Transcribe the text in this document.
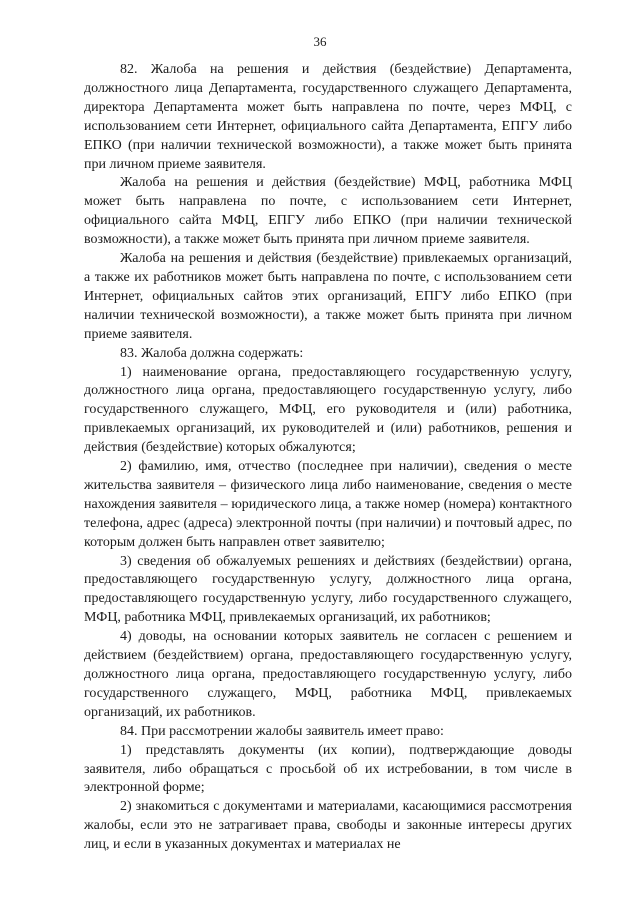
36

82. Жалоба на решения и действия (бездействие) Департамента, должностного лица Департамента, государственного служащего Департамента, директора Департамента может быть направлена по почте, через МФЦ, с использованием сети Интернет, официального сайта Департамента, ЕПГУ либо ЕПКО (при наличии технической возможности), а также может быть принята при личном приеме заявителя.

Жалоба на решения и действия (бездействие) МФЦ, работника МФЦ может быть направлена по почте, с использованием сети Интернет, официального сайта МФЦ, ЕПГУ либо ЕПКО (при наличии технической возможности), а также может быть принята при личном приеме заявителя.

Жалоба на решения и действия (бездействие) привлекаемых организаций, а также их работников может быть направлена по почте, с использованием сети Интернет, официальных сайтов этих организаций, ЕПГУ либо ЕПКО (при наличии технической возможности), а также может быть принята при личном приеме заявителя.

83. Жалоба должна содержать:

1) наименование органа, предоставляющего государственную услугу, должностного лица органа, предоставляющего государственную услугу, либо государственного служащего, МФЦ, его руководителя и (или) работника, привлекаемых организаций, их руководителей и (или) работников, решения и действия (бездействие) которых обжалуются;

2) фамилию, имя, отчество (последнее при наличии), сведения о месте жительства заявителя – физического лица либо наименование, сведения о месте нахождения заявителя – юридического лица, а также номер (номера) контактного телефона, адрес (адреса) электронной почты (при наличии) и почтовый адрес, по которым должен быть направлен ответ заявителю;

3) сведения об обжалуемых решениях и действиях (бездействии) органа, предоставляющего государственную услугу, должностного лица органа, предоставляющего государственную услугу, либо государственного служащего, МФЦ, работника МФЦ, привлекаемых организаций, их работников;

4) доводы, на основании которых заявитель не согласен с решением и действием (бездействием) органа, предоставляющего государственную услугу, должностного лица органа, предоставляющего государственную услугу, либо государственного служащего, МФЦ, работника МФЦ, привлекаемых организаций, их работников.

84. При рассмотрении жалобы заявитель имеет право:

1) представлять документы (их копии), подтверждающие доводы заявителя, либо обращаться с просьбой об их истребовании, в том числе в электронной форме;

2) знакомиться с документами и материалами, касающимися рассмотрения жалобы, если это не затрагивает права, свободы и законные интересы других лиц, и если в указанных документах и материалах не
